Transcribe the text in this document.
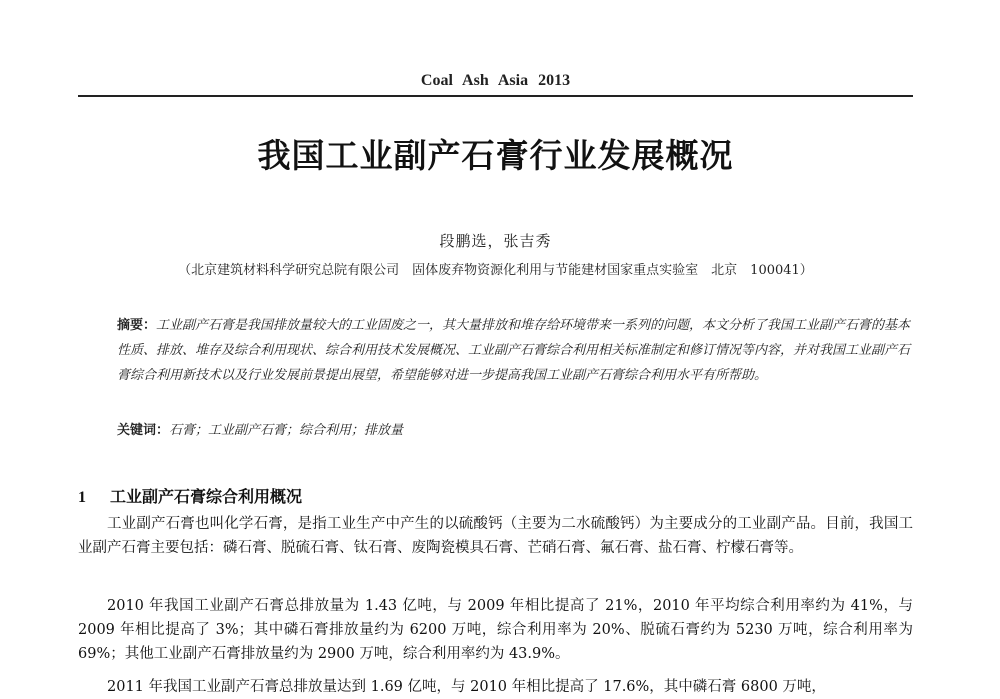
Coal Ash Asia 2013
我国工业副产石膏行业发展概况
段鹏选，张吉秀
（北京建筑材料科学研究总院有限公司　固体废弃物资源化利用与节能建材国家重点实验室　北京　100041）
摘要：工业副产石膏是我国排放量较大的工业固废之一，其大量排放和堆存给环境带来一系列的问题，本文分析了我国工业副产石膏的基本性质、排放、堆存及综合利用现状、综合利用技术发展概况、工业副产石膏综合利用相关标准制定和修订情况等内容，并对我国工业副产石膏综合利用新技术以及行业发展前景提出展望，希望能够对进一步提高我国工业副产石膏综合利用水平有所帮助。
关键词：石膏；工业副产石膏；综合利用；排放量
1 工业副产石膏综合利用概况
工业副产石膏也叫化学石膏，是指工业生产中产生的以硫酸钙（主要为二水硫酸钙）为主要成分的工业副产品。目前，我国工业副产石膏主要包括：磷石膏、脱硫石膏、钛石膏、废陶瓷模具石膏、芒硝石膏、氟石膏、盐石膏、柠檬石膏等。
2010 年我国工业副产石膏总排放量为 1.43 亿吨，与 2009 年相比提高了 21%，2010 年平均综合利用率约为 41%，与 2009 年相比提高了 3%；其中磷石膏排放量约为 6200 万吨，综合利用率为 20%、脱硫石膏约为 5230 万吨，综合利用率为 69%；其他工业副产石膏排放量约为 2900 万吨，综合利用率约为 43.9%。
2011 年我国工业副产石膏总排放量达到 1.69 亿吨，与 2010 年相比提高了 17.6%，其中磷石膏 6800 万吨，
